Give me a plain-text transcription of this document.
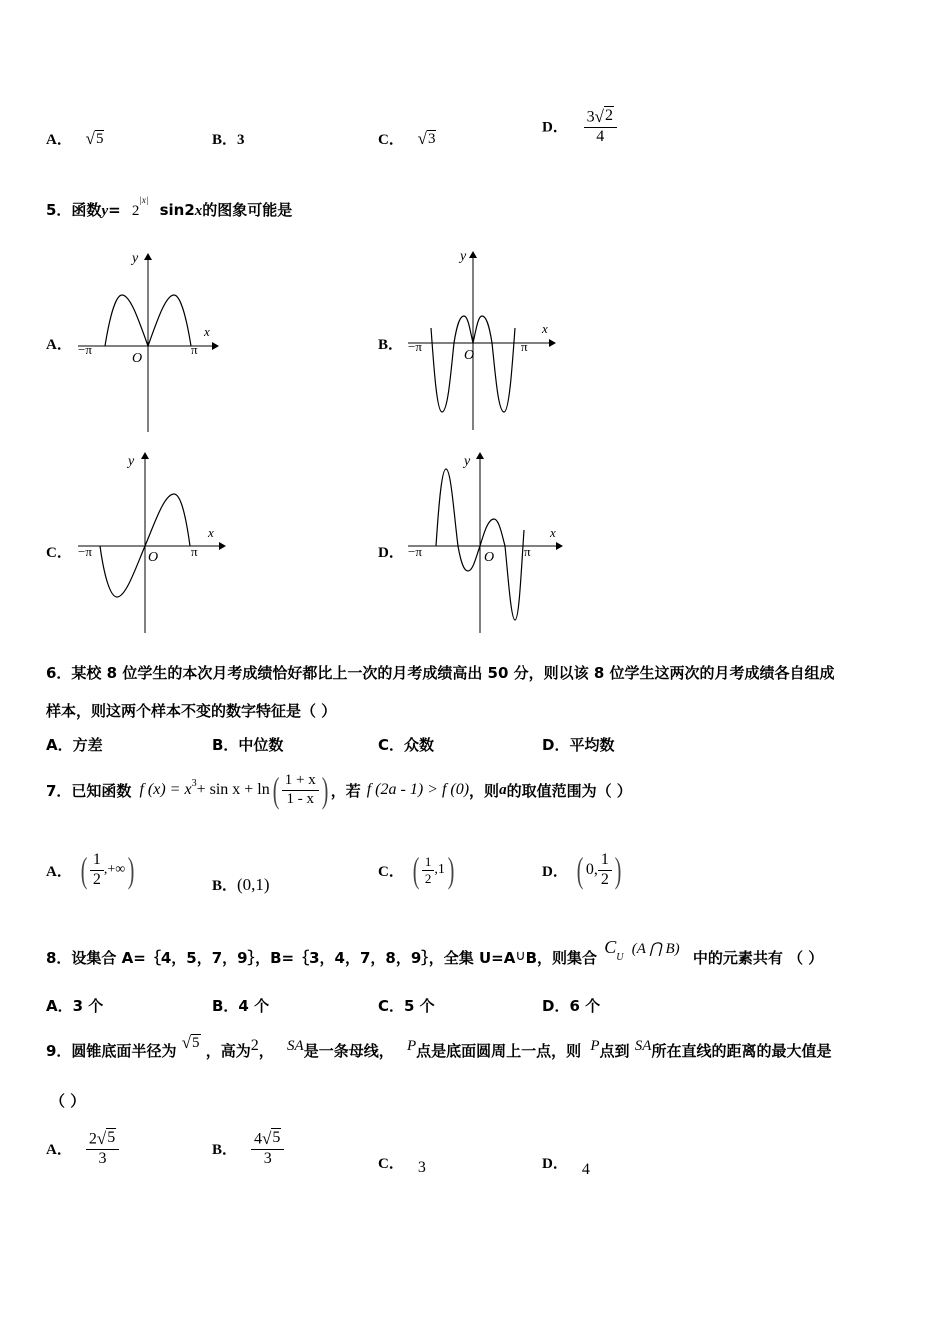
A． √ 5	B．3	C． √ 3
D． $\frac{3 √ 2}{4}$
5．函数$y= 2^{|x|}$ sin2x的图象可能是
A．	B．
C．	D．
y
x
O
−π	π
y
x
O
−π	π
y
x
O
−π	π
y
x
O
−π	π
6．某校 8 位学生的本次月考成绩恰好都比上一次的月考成绩高出 50 分，则以该 8 位学生这两次的月考成绩各自组成
样本，则这两个样本不变的数字特征是（ ）
A．方差	B．中位数	C．众数	D．平均数
7．已知函数 f $(x) = x^3 + \sin x + \ln$ ( $\frac{1 + x}{1 - x}$ ) ，若 f (2a - 1) > f (0) ，则 a 的取值范围为（ ）
A． ( $\frac{1}{2}$ ,+∞ )	B．(0,1)
C． ( $\frac{1}{2} ,1$ )	D． ( 0, $\frac{1}{2}$ )
8．设集合 A=｛4，5，7，9｝，B=｛3，4，7，8，9｝，全集 U=A∪B，则集合 $C_U$ (A ⋂ B) 中的元素共有 （ ）
A．3 个	B．4 个	C．5 个	D．6 个
9．圆锥底面半径为 √ 5 ，高为2， SA是一条母线， P点是底面圆周上一点，则 P点到 SA所在直线的距离的最大值是
（ ）
A． $\frac{2 √ 5}{3}$	B． $\frac{4 √ 5}{3}$	C． 3	D． 4
